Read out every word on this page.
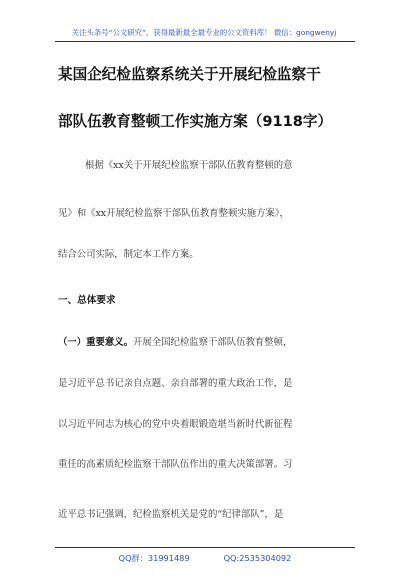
关注头条号“公文研究”，获得最新最全最专业的公文资料库！ 微信：gongwenyj
某国企纪检监察系统关于开展纪检监察干
部队伍教育整顿工作实施方案（9118字）
根据《xx关于开展纪检监察干部队伍教育整顿的意
见》和《xx开展纪检监察干部队伍教育整顿实施方案》，
结合公司实际，制定本工作方案。
一、总体要求
（一）重要意义。开展全国纪检监察干部队伍教育整顿，
是习近平总书记亲自点题、亲自部署的重大政治工作，是
以习近平同志为核心的党中央着眼锻造堪当新时代新征程
重任的高素质纪检监察干部队伍作出的重大决策部署。习
近平总书记强调，纪检监察机关是党的“纪律部队”，是
QQ群：31991489	QQ:2535304092
